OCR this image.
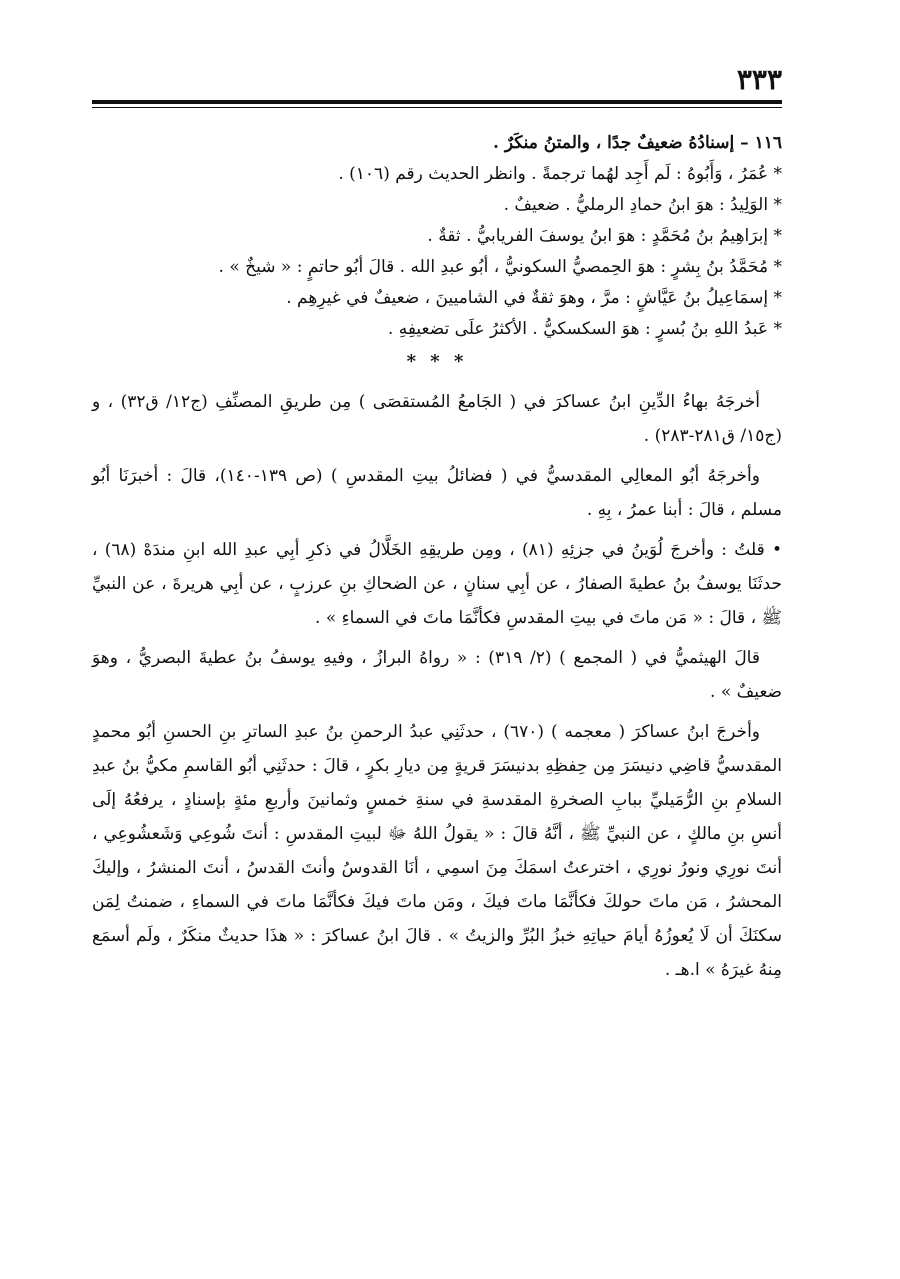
٣٣٣
١١٦ – إسنادُهُ ضعيفٌ جدًا ، والمتنُ منكَرٌ .
* عُمَرُ ، وَأَبُوهُ : لَم أَجِد لهُما ترجمةً . وانظر الحديث رقم (١٠٦) .
* الوَلِيدُ : هوَ ابنُ حمادِ الرمليُّ . ضعيفٌ .
* إبرَاهِيمُ بنُ مُحَمَّدٍ : هوَ ابنُ يوسفَ الفريابيُّ . ثقةٌ .
* مُحَمَّدُ بنُ بِشرٍ : هوَ الحِمصيُّ السكونيُّ ، أبُو عبدِ الله . قالَ أبُو حاتمٍ : « شيخٌ » .
* إسمَاعِيلُ بنُ عَيَّاشٍ : مرَّ ، وهوَ ثقةٌ في الشاميينَ ، ضعيفٌ في غيرِهِم .
* عَبدُ اللهِ بنُ بُسرٍ : هوَ السكسكيُّ . الأكثرُ علَى تضعيفِهِ .
* * *
أخرجَهُ بهاءُ الدِّينِ ابنُ عساكرَ في ( الجَامعُ المُستقصَى ) مِن طريقِ المصنِّفِ (ج١٢/ ق٣٢) ، و (ج١٥/ ق٢٨١-٢٨٣) .
وأخرجَهُ أبُو المعالِي المقدسيُّ في ( فضائلُ بيتِ المقدسِ ) (ص ١٣٩-١٤٠)، قالَ : أخبرَنَا أبُو مسلم ، قالَ : أبنا عمرُ ، بِهِ .
• قلتُ : وأخرجَ لُوَينُ في جزئِهِ (٨١) ، ومِن طريقِهِ الخَلَّالُ في ذكرِ أبِي عبدِ الله ابنِ مندَهْ (٦٨) ، حدثَنَا يوسفُ بنُ عطيةَ الصفارُ ، عن أبِي سنانٍ ، عن الضحاكِ بنِ عرزبٍ ، عن أبِي هريرةَ ، عن النبيِّ ﷺ ، قالَ : « مَن ماتَ في بيتِ المقدسِ فكأنَّمَا ماتَ في السماءِ » .
قالَ الهيثميُّ في ( المجمع ) (٢/ ٣١٩) : « رواهُ البرازُ ، وفيهِ يوسفُ بنُ عطيةَ البصريُّ ، وهوَ ضعيفٌ » .
وأخرجَ ابنُ عساكرَ ( معجمه ) (٦٧٠) ، حدثَنِي عبدُ الرحمنِ بنُ عبدِ الساترِ بنِ الحسنِ أبُو محمدٍ المقدسيُّ قاضِي دنيسَرَ مِن حِفظِهِ بدنيسَرَ قريةٍ مِن ديارِ بكرٍ ، قالَ : حدثَنِي أبُو القاسمِ مكيُّ بنُ عبدِ السلامِ بنِ الرُّمَيليِّ ببابِ الصخرةِ المقدسةِ في سنةِ خمسٍ وثمانينَ وأربعِ مئةٍ بإسنادٍ ، يرفعُهُ إلَى أنسِ بنِ مالكٍ ، عن النبيِّ ﷺ ، أنَّهُ قالَ : « يقولُ اللهُ ﷻ لبيتِ المقدسِ : أنتَ شُوعِي وَشَعشُوعِي ، أنتَ نورِي ونورُ نورِي ، اخترعتُ اسمَكَ مِنَ اسمِي ، أنَا القدوسُ وأنتَ القدسُ ، أنتَ المنشرُ ، وإليكَ المحشرُ ، مَن ماتَ حولكَ فكأنَّمَا ماتَ فيكَ ، ومَن ماتَ فيكَ فكأنَّمَا ماتَ في السماءِ ، ضمنتُ لِمَن سكنَكَ أن لَا يُعوزُهُ أيامَ حياتِهِ خبزُ البُرِّ والزيتُ » . قالَ ابنُ عساكرَ : « هذَا حديثٌ منكَرٌ ، ولَم أسمَع مِنهُ غيرَهُ » ا.هـ .
